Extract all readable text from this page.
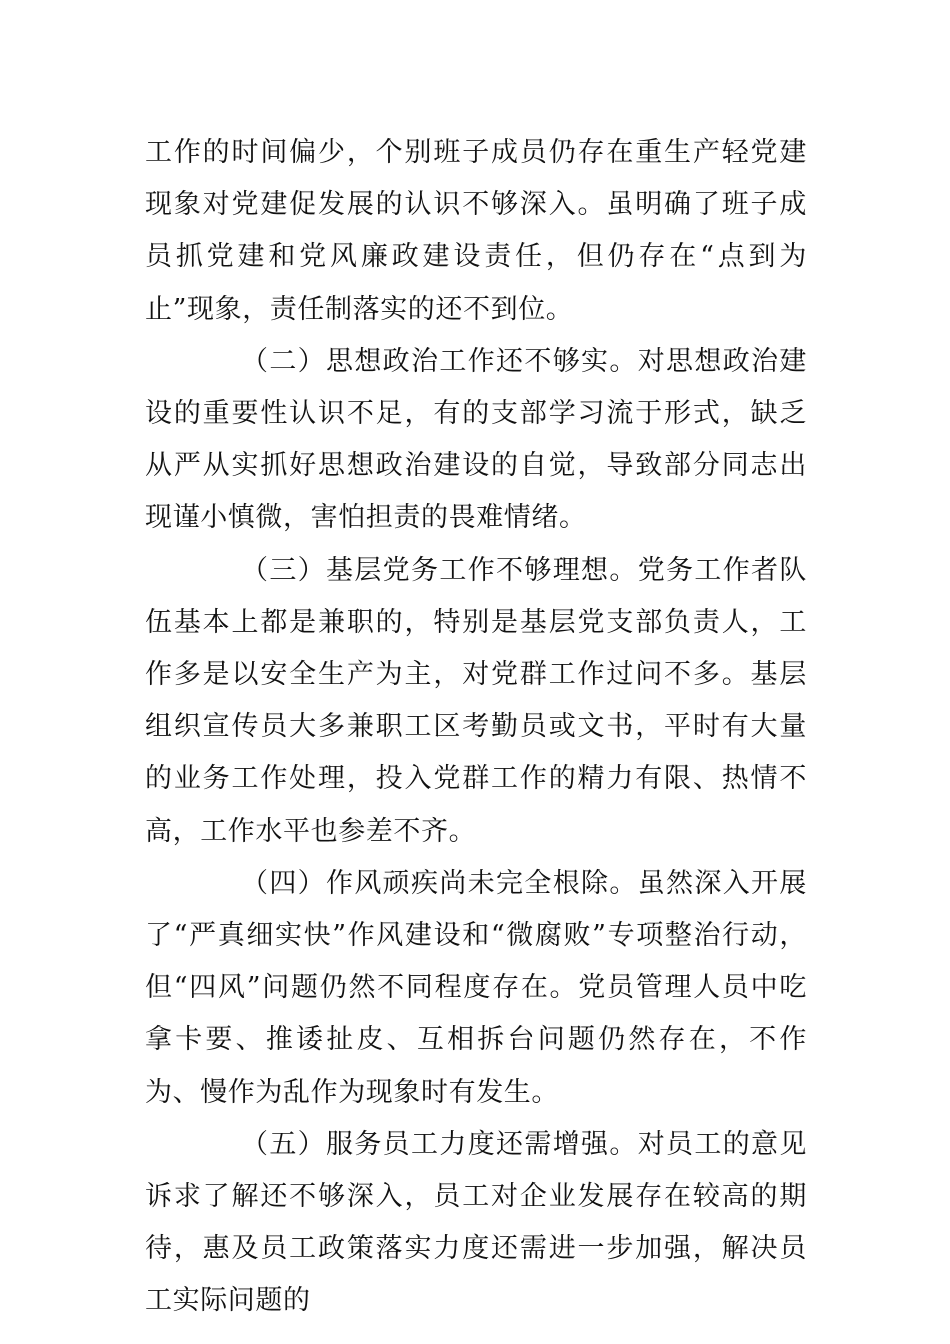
工作的时间偏少，个别班子成员仍存在重生产轻党建现象对党建促发展的认识不够深入。虽明确了班子成员抓党建和党风廉政建设责任，但仍存在“点到为止”现象，责任制落实的还不到位。

（二）思想政治工作还不够实。对思想政治建设的重要性认识不足，有的支部学习流于形式，缺乏从严从实抓好思想政治建设的自觉，导致部分同志出现谨小慎微，害怕担责的畏难情绪。

（三）基层党务工作不够理想。党务工作者队伍基本上都是兼职的，特别是基层党支部负责人，工作多是以安全生产为主，对党群工作过问不多。基层组织宣传员大多兼职工区考勤员或文书，平时有大量的业务工作处理，投入党群工作的精力有限、热情不高，工作水平也参差不齐。

（四）作风顽疾尚未完全根除。虽然深入开展了“严真细实快”作风建设和“微腐败”专项整治行动，但“四风”问题仍然不同程度存在。党员管理人员中吃拿卡要、推诿扯皮、互相拆台问题仍然存在，不作为、慢作为乱作为现象时有发生。

（五）服务员工力度还需增强。对员工的意见诉求了解还不够深入，员工对企业发展存在较高的期待，惠及员工政策落实力度还需进一步加强，解决员工实际问题的
